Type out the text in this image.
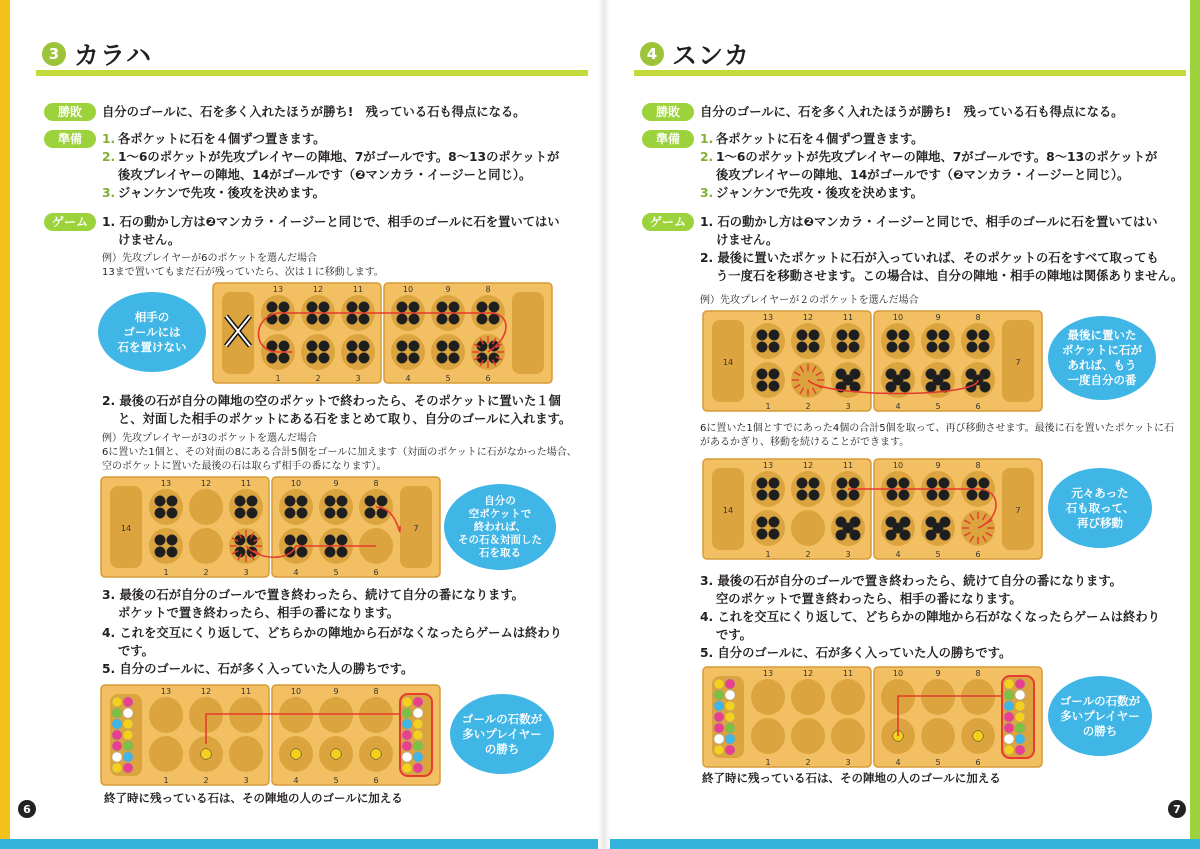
3 カラハ
勝敗 自分のゴールに、石を多く入れたほうが勝ち!　残っている石も得点になる。
準備	1. 各ポケットに石を４個ずつ置きます。
2. 1～6のポケットが先攻プレイヤーの陣地、7がゴールです。8～13のポケットが
後攻プレイヤーの陣地、14がゴールです（❷マンカラ・イージーと同じ）。
3. ジャンケンで先攻・後攻を決めます。
ゲーム	1. 石の動かし方は❷マンカラ・イージーと同じで、相手のゴールに石を置いてはい
けません。
例）先攻プレイヤーが6のポケットを選んだ場合
13まで置いてもまだ石が残っていたら、次は１に移動します。
13
1
12
2
11
3
10
4
9
5
8
6
相手の
ゴールには
石を置けない
2. 最後の石が自分の陣地の空のポケットで終わったら、そのポケットに置いた１個
と、対面した相手のポケットにある石をまとめて取り、自分のゴールに入れます。
例）先攻プレイヤーが3のポケットを選んだ場合
6に置いた1個と、その対面の8にある合計5個をゴールに加えます（対面のポケットに石がなかった場合、
空のポケットに置いた最後の石は取らず相手の番になります）。
14	7
13
1
12
2
11
3
10
4
9
5
8
6
自分の
空ポケットで
終われば、
その石＆対面した
石を取る
3. 最後の石が自分のゴールで置き終わったら、続けて自分の番になります。
ポケットで置き終わったら、相手の番になります。
4. これを交互にくり返して、どちらかの陣地から石がなくなったらゲームは終わり
です。
5. 自分のゴールに、石が多く入っていた人の勝ちです。
13
1
12
2
11
3
10
4
9
5
8
6
ゴールの石数が
多いプレイヤー
の勝ち
終了時に残っている石は、その陣地の人のゴールに加える
6
4 スンカ
勝敗 自分のゴールに、石を多く入れたほうが勝ち!　残っている石も得点になる。
準備	1. 各ポケットに石を４個ずつ置きます。
2. 1～6のポケットが先攻プレイヤーの陣地、7がゴールです。8～13のポケットが
後攻プレイヤーの陣地、14がゴールです（❷マンカラ・イージーと同じ）。
3. ジャンケンで先攻・後攻を決めます。
ゲーム	1. 石の動かし方は❷マンカラ・イージーと同じで、相手のゴールに石を置いてはい
けません。
2. 最後に置いたポケットに石が入っていれば、そのポケットの石をすべて取っても
う一度石を移動させます。この場合は、自分の陣地・相手の陣地は関係ありません。
例）先攻プレイヤーが２のポケットを選んだ場合
14	7
13
1
12
2
11
3
10
4
9
5
8
6
最後に置いた
ポケットに石が
あれば、もう
一度自分の番
6に置いた1個とすでにあった4個の合計5個を取って、再び移動させます。最後に石を置いたポケットに石
があるかぎり、移動を続けることができます。
14	7
13
1
12
2
11
3
10
4
9
5
8
6
元々あった
石も取って、
再び移動
3. 最後の石が自分のゴールで置き終わったら、続けて自分の番になります。
空のポケットで置き終わったら、相手の番になります。
4. これを交互にくり返して、どちらかの陣地から石がなくなったらゲームは終わり
です。
5. 自分のゴールに、石が多く入っていた人の勝ちです。
13
1
12
2
11
3
10
4
9
5
8
6
ゴールの石数が
多いプレイヤー
の勝ち
終了時に残っている石は、その陣地の人のゴールに加える
7
